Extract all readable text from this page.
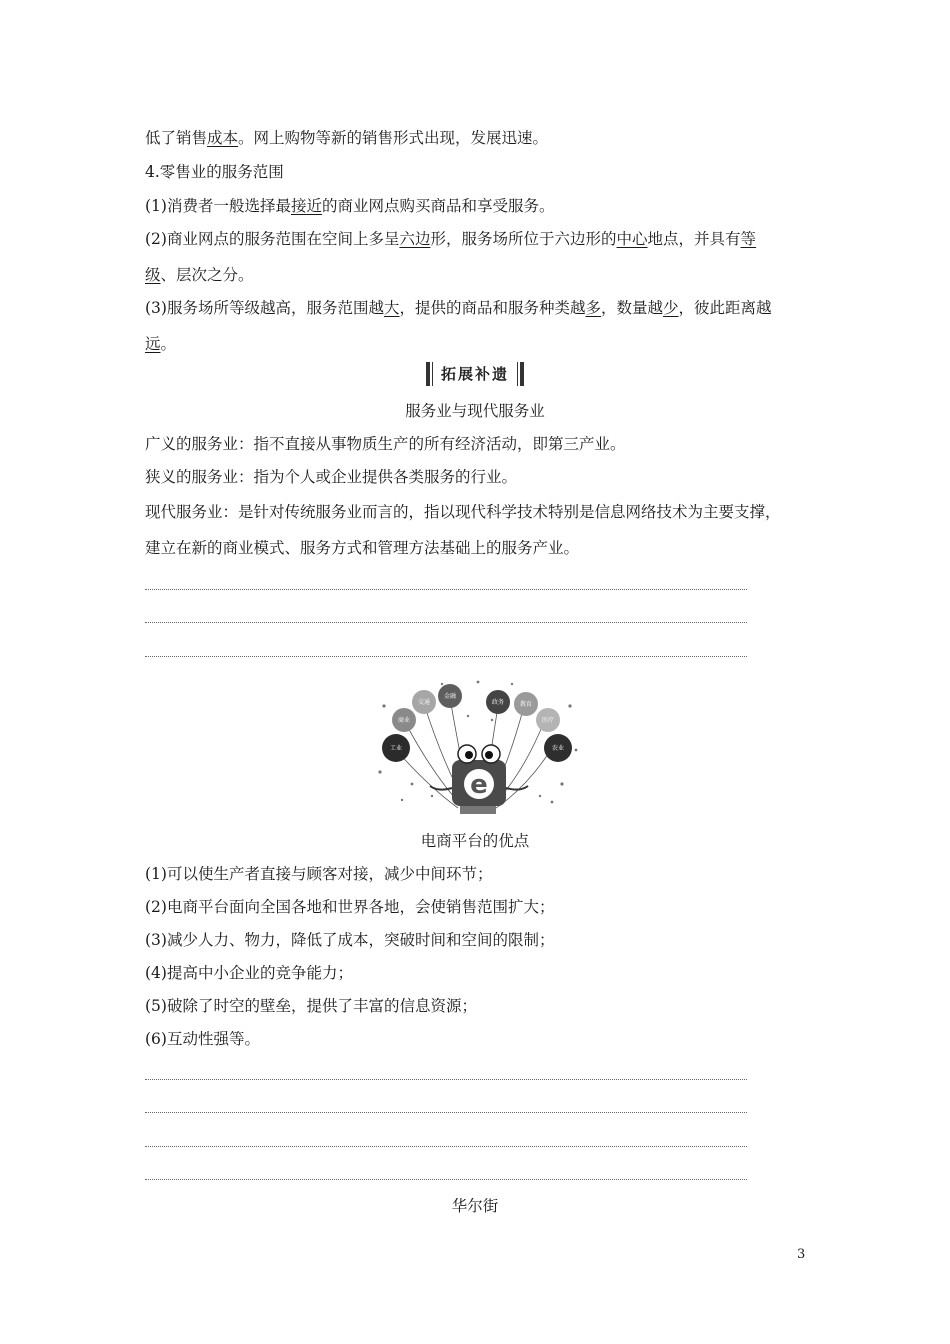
低了销售成本。网上购物等新的销售形式出现，发展迅速。
4.零售业的服务范围
(1)消费者一般选择最接近的商业网点购买商品和享受服务。
(2)商业网点的服务范围在空间上多呈六边形，服务场所位于六边形的中心地点，并具有等
级、层次之分。
(3)服务场所等级越高，服务范围越大，提供的商品和服务种类越多，数量越少，彼此距离越
远。
拓展补遗
服务业与现代服务业
广义的服务业：指不直接从事物质生产的所有经济活动，即第三产业。
狭义的服务业：指为个人或企业提供各类服务的行业。
现代服务业：是针对传统服务业而言的，指以现代科学技术特别是信息网络技术为主要支撑，
建立在新的商业模式、服务方式和管理方法基础上的服务产业。
工业
商业
交通
金融
政务	教育
医疗
农业
e
电商平台的优点
(1)可以使生产者直接与顾客对接，减少中间环节；
(2)电商平台面向全国各地和世界各地，会使销售范围扩大；
(3)减少人力、物力，降低了成本，突破时间和空间的限制；
(4)提高中小企业的竞争能力；
(5)破除了时空的壁垒，提供了丰富的信息资源；
(6)互动性强等。
华尔街
3
